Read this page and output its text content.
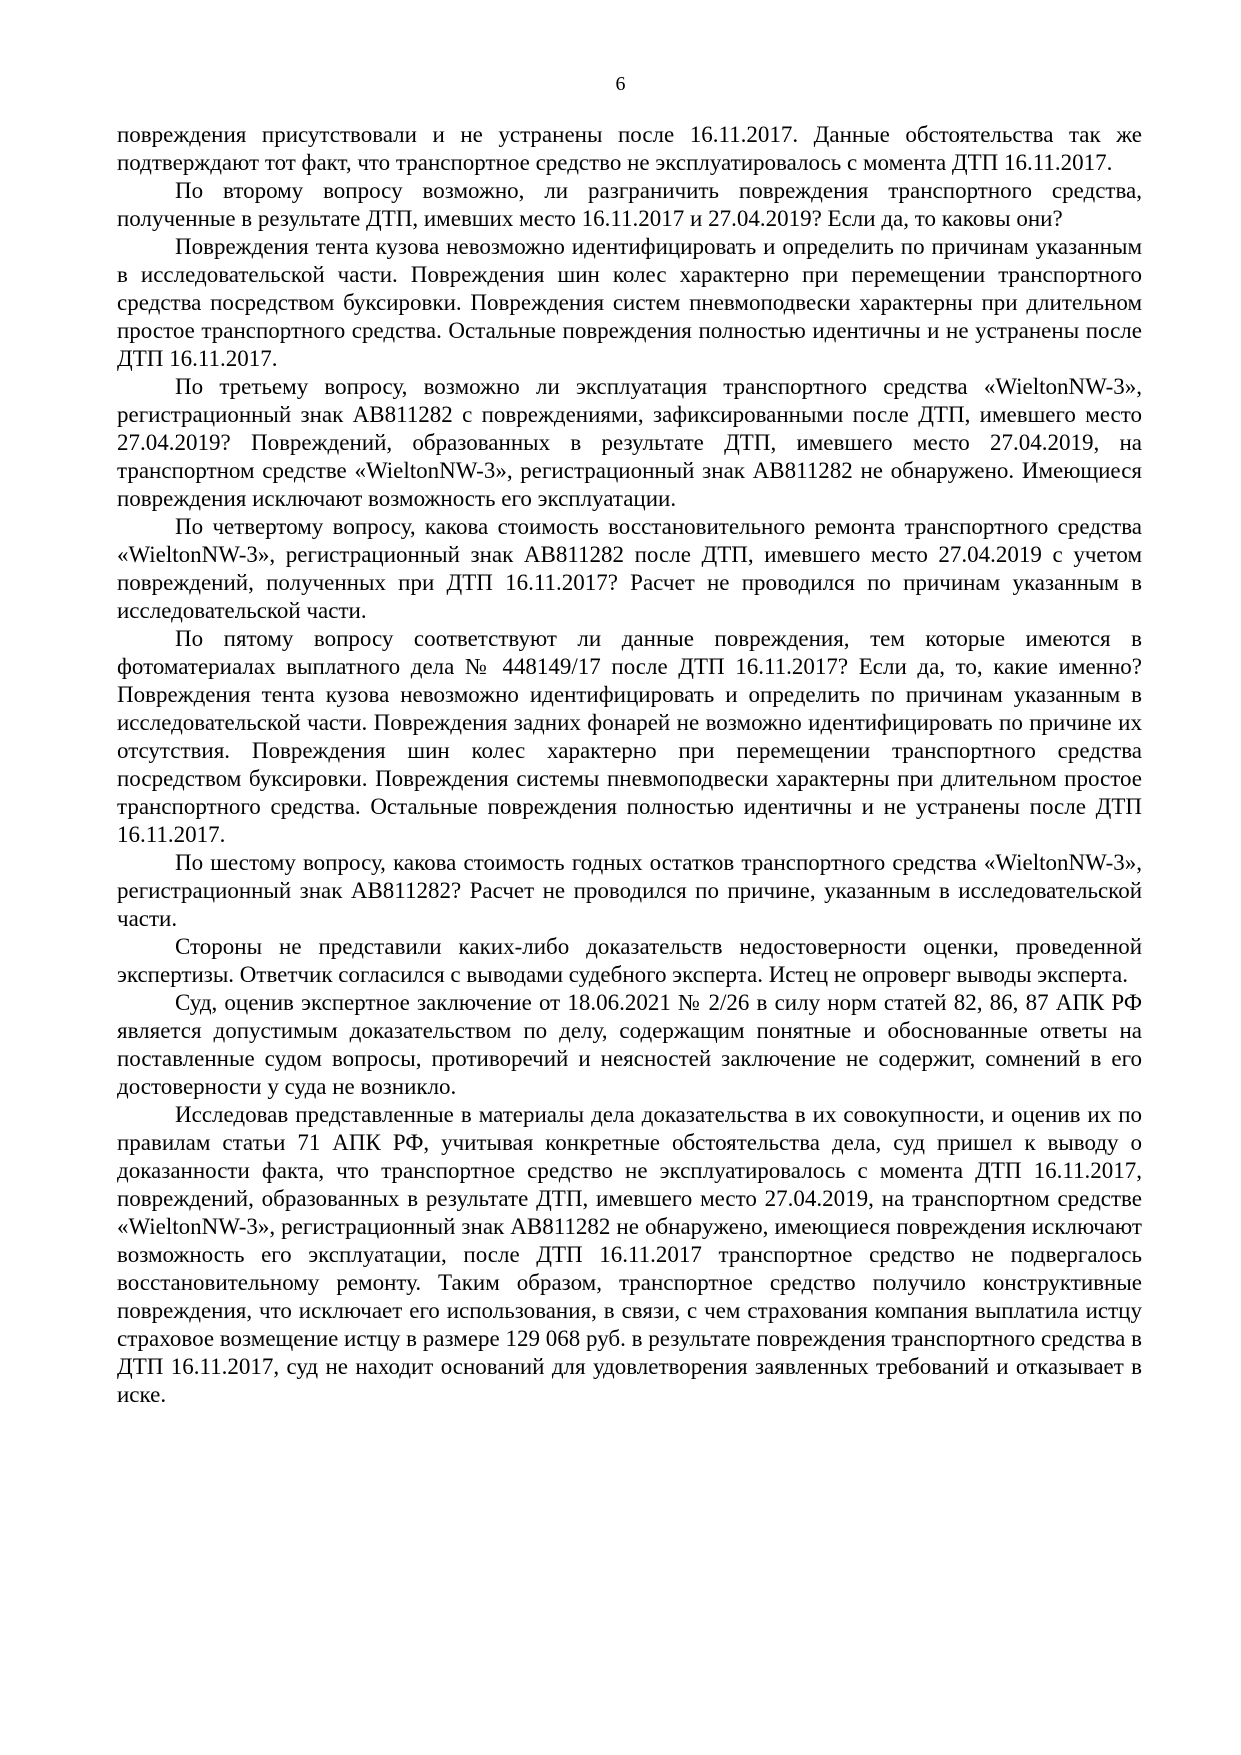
6

повреждения присутствовали и не устранены после 16.11.2017. Данные обстоятельства так же подтверждают тот факт, что транспортное средство не эксплуатировалось с момента ДТП 16.11.2017.

По второму вопросу возможно, ли разграничить повреждения транспортного средства, полученные в результате ДТП, имевших место 16.11.2017 и 27.04.2019? Если да, то каковы они?

Повреждения тента кузова невозможно идентифицировать и определить по причинам указанным в исследовательской части. Повреждения шин колес характерно при перемещении транспортного средства посредством буксировки. Повреждения систем пневмоподвески характерны при длительном простое транспортного средства. Остальные повреждения полностью идентичны и не устранены после ДТП 16.11.2017.

По третьему вопросу, возможно ли эксплуатация транспортного средства «WieltonNW-3», регистрационный знак АВ811282 с повреждениями, зафиксированными после ДТП, имевшего место 27.04.2019? Повреждений, образованных в результате ДТП, имевшего место 27.04.2019, на транспортном средстве «WieltonNW-3», регистрационный знак АВ811282 не обнаружено. Имеющиеся повреждения исключают возможность его эксплуатации.

По четвертому вопросу, какова стоимость восстановительного ремонта транспортного средства «WieltonNW-3», регистрационный знак АВ811282 после ДТП, имевшего место 27.04.2019 с учетом повреждений, полученных при ДТП 16.11.2017? Расчет не проводился по причинам указанным в исследовательской части.

По пятому вопросу соответствуют ли данные повреждения, тем которые имеются в фотоматериалах выплатного дела № 448149/17 после ДТП 16.11.2017? Если да, то, какие именно? Повреждения тента кузова невозможно идентифицировать и определить по причинам указанным в исследовательской части. Повреждения задних фонарей не возможно идентифицировать по причине их отсутствия. Повреждения шин колес характерно при перемещении транспортного средства посредством буксировки. Повреждения системы пневмоподвески характерны при длительном простое транспортного средства. Остальные повреждения полностью идентичны и не устранены после ДТП 16.11.2017.

По шестому вопросу, какова стоимость годных остатков транспортного средства «WieltonNW-3», регистрационный знак АВ811282? Расчет не проводился по причине, указанным в исследовательской части.

Стороны не представили каких-либо доказательств недостоверности оценки, проведенной экспертизы. Ответчик согласился с выводами судебного эксперта. Истец не опроверг выводы эксперта.

Суд, оценив экспертное заключение от 18.06.2021 № 2/26 в силу норм статей 82, 86, 87 АПК РФ является допустимым доказательством по делу, содержащим понятные и обоснованные ответы на поставленные судом вопросы, противоречий и неясностей заключение не содержит, сомнений в его достоверности у суда не возникло.

Исследовав представленные в материалы дела доказательства в их совокупности, и оценив их по правилам статьи 71 АПК РФ, учитывая конкретные обстоятельства дела, суд пришел к выводу о доказанности факта, что транспортное средство не эксплуатировалось с момента ДТП 16.11.2017, повреждений, образованных в результате ДТП, имевшего место 27.04.2019, на транспортном средстве «WieltonNW-3», регистрационный знак АВ811282 не обнаружено, имеющиеся повреждения исключают возможность его эксплуатации, после ДТП 16.11.2017 транспортное средство не подвергалось восстановительному ремонту. Таким образом, транспортное средство получило конструктивные повреждения, что исключает его использования, в связи, с чем страхования компания выплатила истцу страховое возмещение истцу в размере 129 068 руб. в результате повреждения транспортного средства в ДТП 16.11.2017, суд не находит оснований для удовлетворения заявленных требований и отказывает в иске.
